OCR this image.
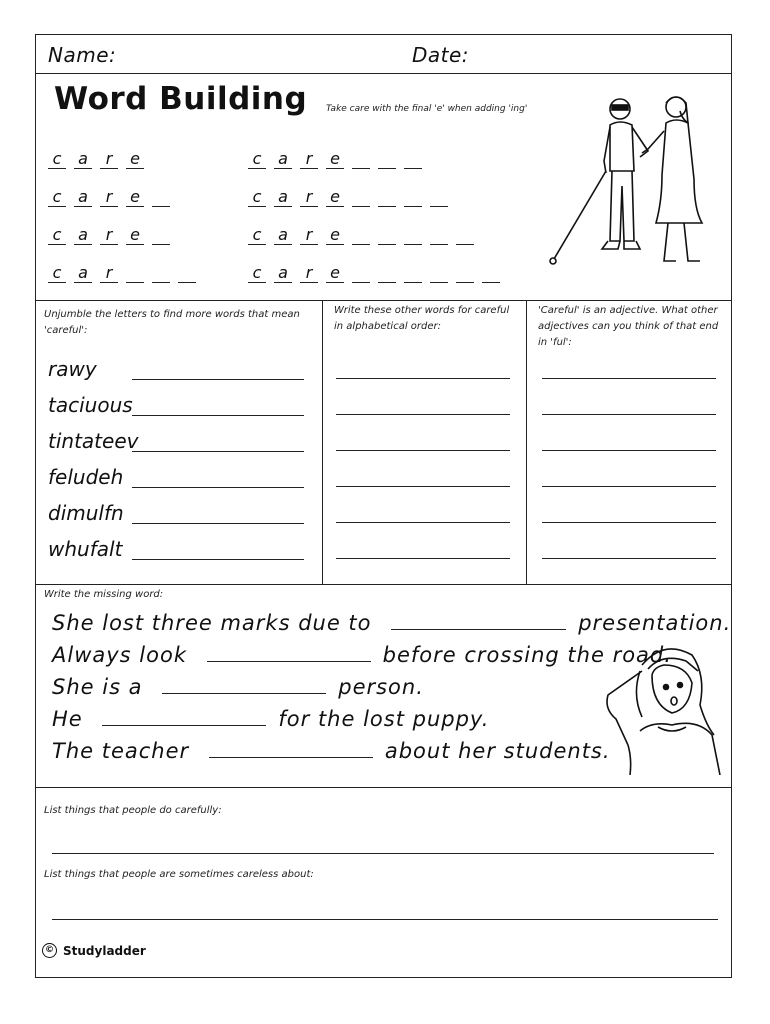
Name:	Date:
Word Building Take care with the final 'e' when adding 'ing'
c a r e
c a r e
c a r e
c a r
c a r e
c a r e
c a r e
c a r e
Unjumble the letters to find more words that mean 'careful':
Write these other words for careful in alphabetical order:
'Careful' is an adjective. What other adjectives can you think of that end in 'ful':
rawy
taciuous
tintateev
feludeh
dimulfn
whufalt
Write the missing word:
She lost three marks due to	presentation.
Always look	before crossing the road.
She is a	person.
He	for the lost puppy.
The teacher	about her students.
List things that people do carefully:
List things that people are sometimes careless about:
© Studyladder
